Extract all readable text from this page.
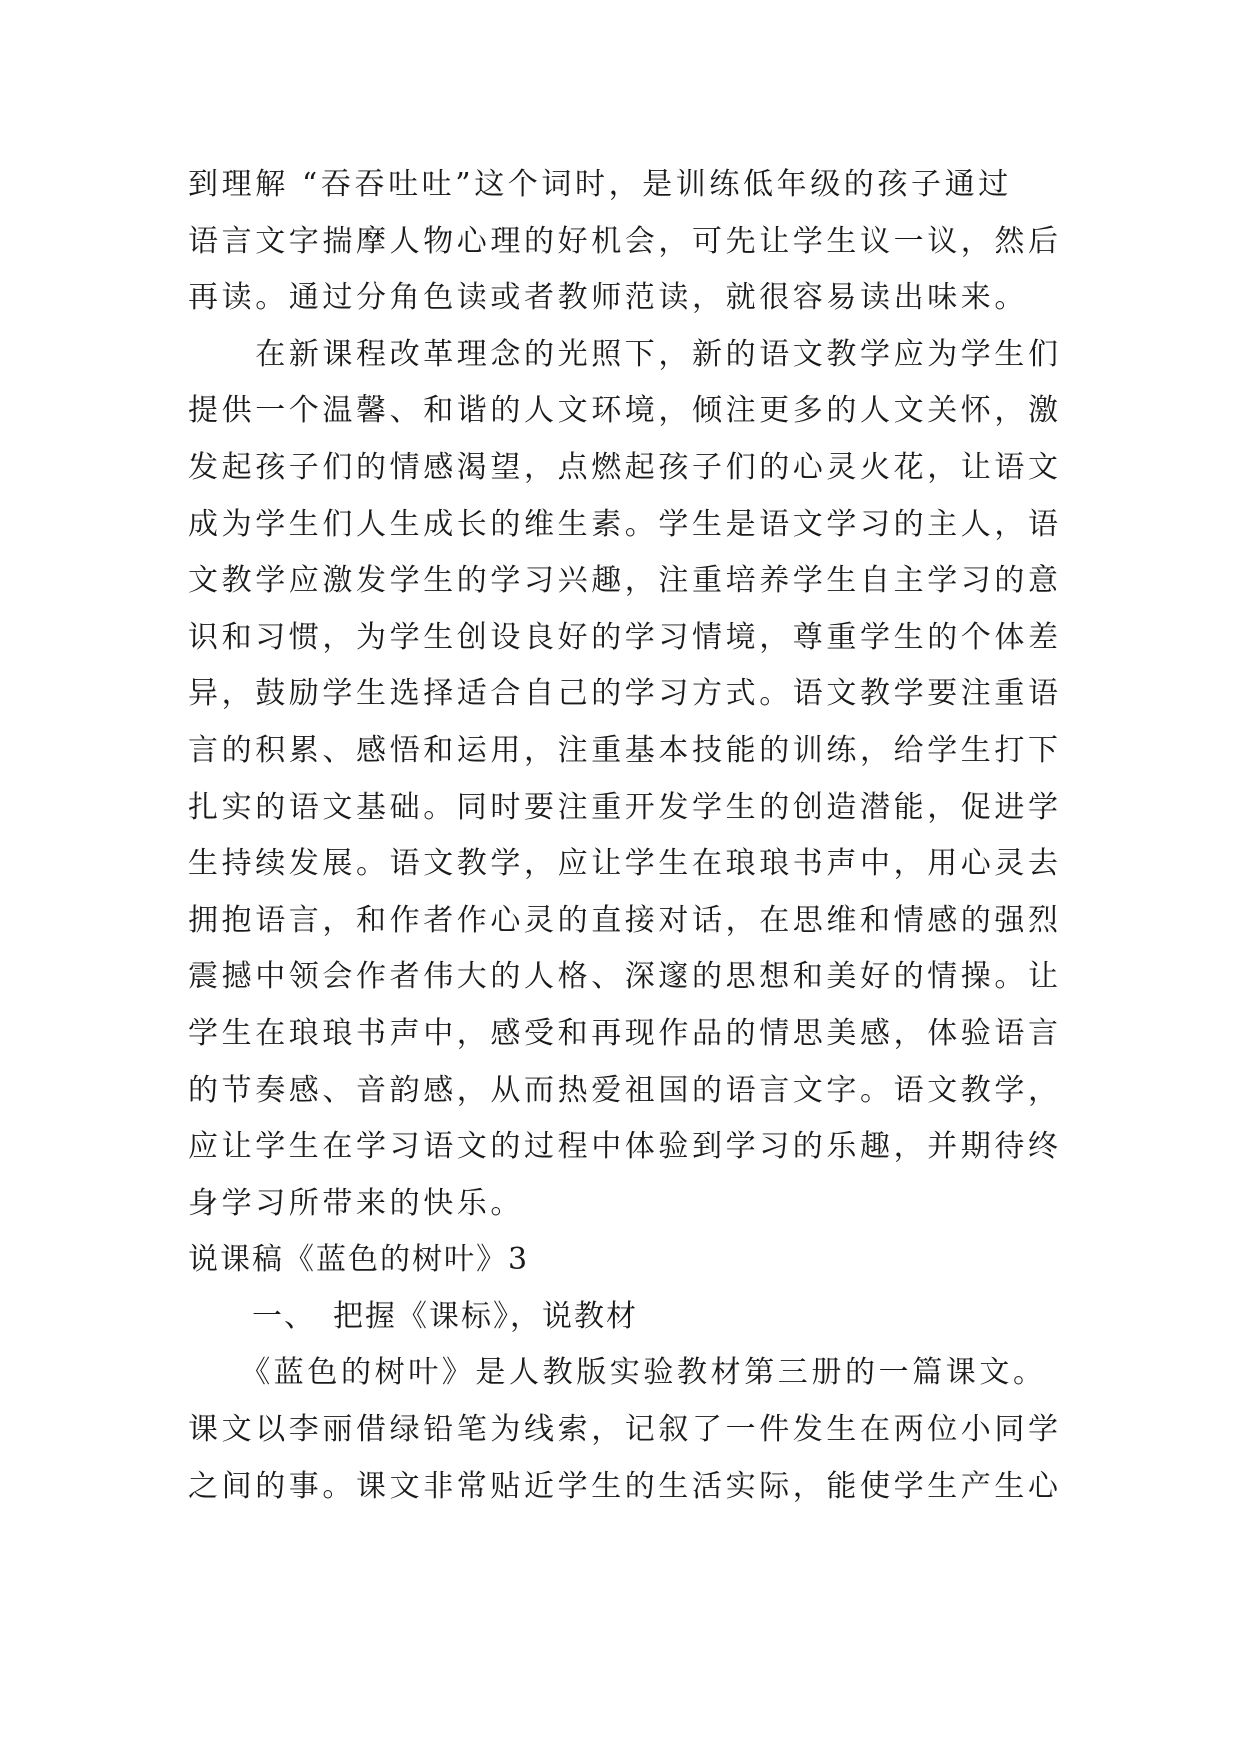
到理解 “吞吞吐吐”这个词时，是训练低年级的孩子通过
语言文字揣摩人物心理的好机会，可先让学生议一议，然后
再读。通过分角色读或者教师范读，就很容易读出味来。
　　在新课程改革理念的光照下，新的语文教学应为学生们
提供一个温馨、和谐的人文环境，倾注更多的人文关怀，激
发起孩子们的情感渴望，点燃起孩子们的心灵火花，让语文
成为学生们人生成长的维生素。学生是语文学习的主人，语
文教学应激发学生的学习兴趣，注重培养学生自主学习的意
识和习惯，为学生创设良好的学习情境，尊重学生的个体差
异，鼓励学生选择适合自己的学习方式。语文教学要注重语
言的积累、感悟和运用，注重基本技能的训练，给学生打下
扎实的语文基础。同时要注重开发学生的创造潜能，促进学
生持续发展。语文教学，应让学生在琅琅书声中，用心灵去
拥抱语言，和作者作心灵的直接对话，在思维和情感的强烈
震撼中领会作者伟大的人格、深邃的思想和美好的情操。让
学生在琅琅书声中，感受和再现作品的情思美感，体验语言
的节奏感、音韵感，从而热爱祖国的语言文字。语文教学，
应让学生在学习语文的过程中体验到学习的乐趣，并期待终
身学习所带来的快乐。
说课稿《蓝色的树叶》3
　　一、　把握《课标》，说教材
　　《蓝色的树叶》是人教版实验教材第三册的一篇课文。
课文以李丽借绿铅笔为线索，记叙了一件发生在两位小同学
之间的事。课文非常贴近学生的生活实际，能使学生产生心
